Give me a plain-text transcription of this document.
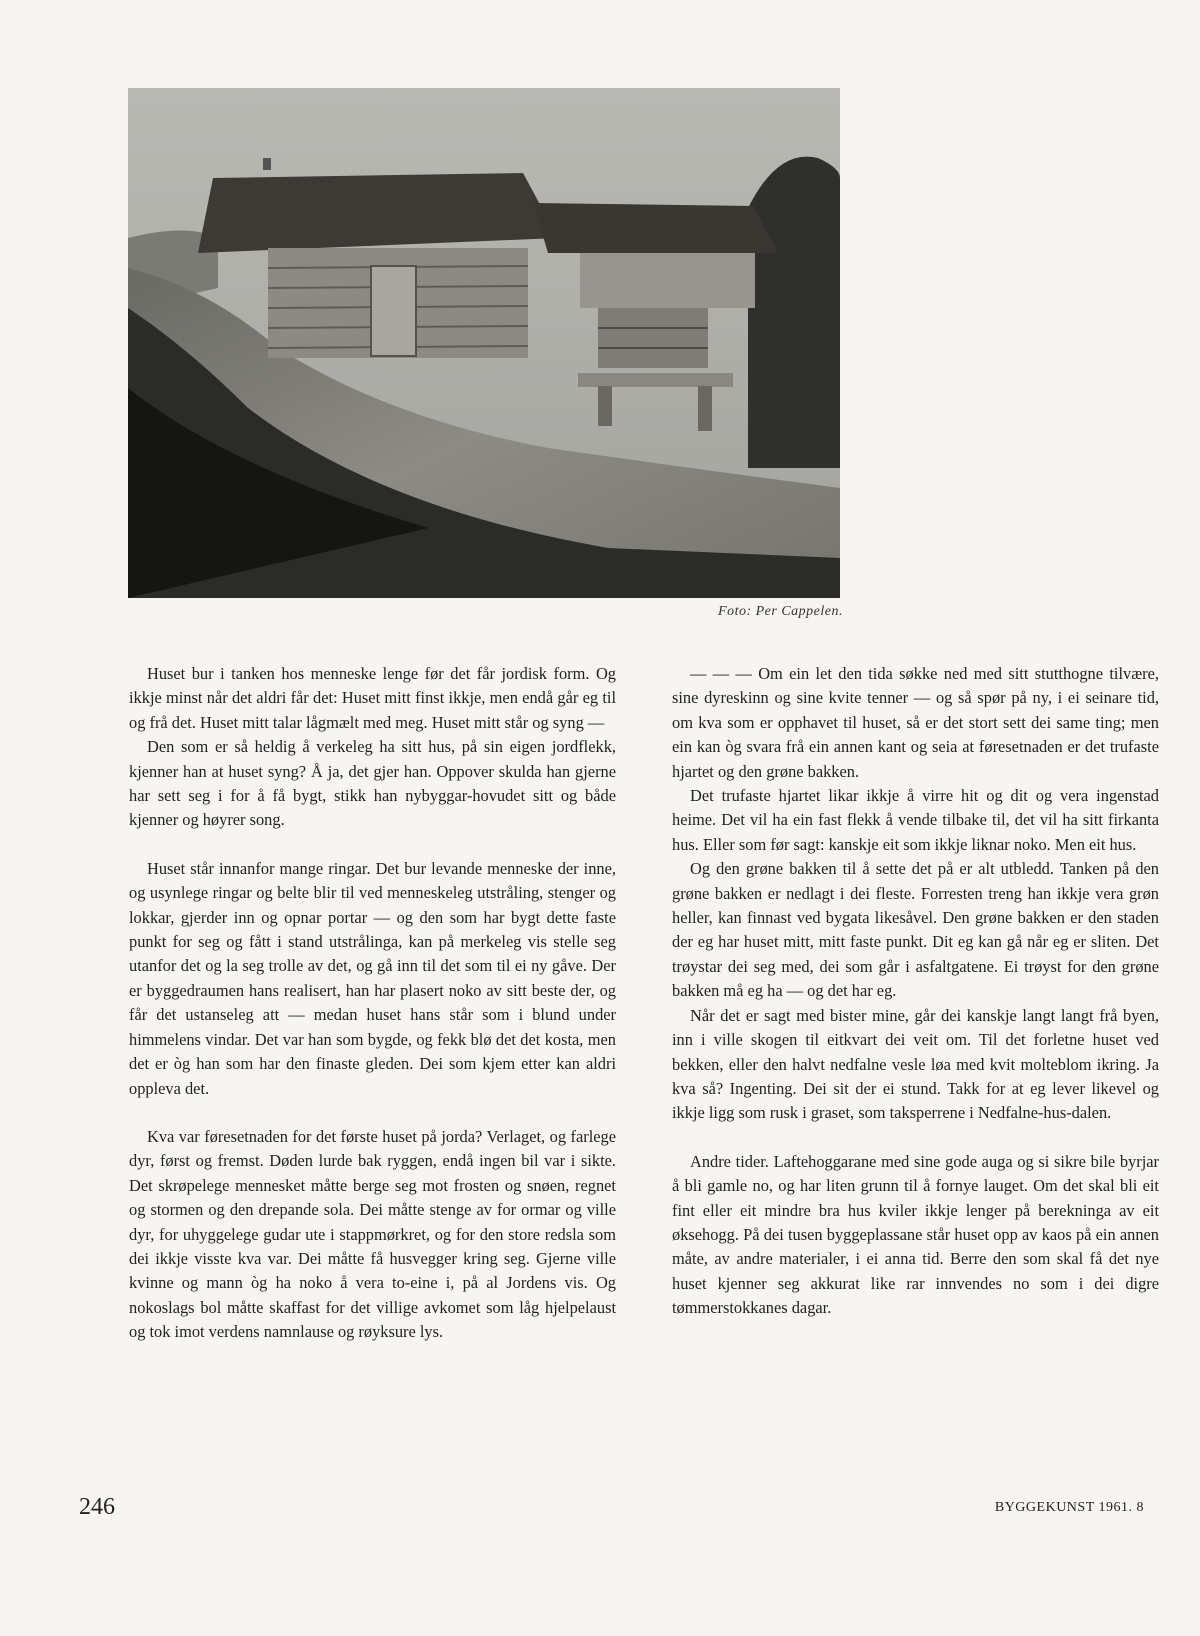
Foto: Per Cappelen.

Huset bur i tanken hos menneske lenge før det får jordisk form. Og ikkje minst når det aldri får det: Huset mitt finst ikkje, men endå går eg til og frå det. Huset mitt talar lågmælt med meg. Huset mitt står og syng —

Den som er så heldig å verkeleg ha sitt hus, på sin eigen jordflekk, kjenner han at huset syng? Å ja, det gjer han. Oppover skulda han gjerne har sett seg i for å få bygt, stikk han nybyggar-hovudet sitt og både kjenner og høyrer song.

Huset står innanfor mange ringar. Det bur levande menneske der inne, og usynlege ringar og belte blir til ved menneskeleg utstråling, stenger og lokkar, gjerder inn og opnar portar — og den som har bygt dette faste punkt for seg og fått i stand utstrålinga, kan på merkeleg vis stelle seg utanfor det og la seg trolle av det, og gå inn til det som til ei ny gåve. Der er byggedraumen hans realisert, han har plasert noko av sitt beste der, og får det ustanseleg att — medan huset hans står som i blund under himmelens vindar. Det var han som bygde, og fekk blø det det kosta, men det er òg han som har den finaste gleden. Dei som kjem etter kan aldri oppleva det.

Kva var føresetnaden for det første huset på jorda? Verlaget, og farlege dyr, først og fremst. Døden lurde bak ryggen, endå ingen bil var i sikte. Det skrøpelege mennesket måtte berge seg mot frosten og snøen, regnet og stormen og den drepande sola. Dei måtte stenge av for ormar og ville dyr, for uhyggelege gudar ute i stappmørkret, og for den store redsla som dei ikkje visste kva var. Dei måtte få husvegger kring seg. Gjerne ville kvinne og mann òg ha noko å vera to-eine i, på al Jordens vis. Og nokoslags bol måtte skaffast for det villige avkomet som låg hjelpelaust og tok imot verdens namnlause og røyksure lys.

— — — Om ein let den tida søkke ned med sitt stutthogne tilvære, sine dyreskinn og sine kvite tenner — og så spør på ny, i ei seinare tid, om kva som er opphavet til huset, så er det stort sett dei same ting; men ein kan òg svara frå ein annen kant og seia at føresetnaden er det trufaste hjartet og den grøne bakken.

Det trufaste hjartet likar ikkje å virre hit og dit og vera ingenstad heime. Det vil ha ein fast flekk å vende tilbake til, det vil ha sitt firkanta hus. Eller som før sagt: kanskje eit som ikkje liknar noko. Men eit hus.

Og den grøne bakken til å sette det på er alt utbledd. Tanken på den grøne bakken er nedlagt i dei fleste. Forresten treng han ikkje vera grøn heller, kan finnast ved bygata likesåvel. Den grøne bakken er den staden der eg har huset mitt, mitt faste punkt. Dit eg kan gå når eg er sliten. Det trøystar dei seg med, dei som går i asfaltgatene. Ei trøyst for den grøne bakken må eg ha — og det har eg.

Når det er sagt med bister mine, går dei kanskje langt langt frå byen, inn i ville skogen til eitkvart dei veit om. Til det forletne huset ved bekken, eller den halvt nedfalne vesle løa med kvit molteblom ikring. Ja kva så? Ingenting. Dei sit der ei stund. Takk for at eg lever likevel og ikkje ligg som rusk i graset, som taksperrene i Nedfalne-hus-dalen.

Andre tider. Laftehoggarane med sine gode auga og si sikre bile byrjar å bli gamle no, og har liten grunn til å fornye lauget. Om det skal bli eit fint eller eit mindre bra hus kviler ikkje lenger på berekninga av eit øksehogg. På dei tusen byggeplassane står huset opp av kaos på ein annen måte, av andre materialer, i ei anna tid. Berre den som skal få det nye huset kjenner seg akkurat like rar innvendes no som i dei digre tømmerstokkanes dagar.

246	BYGGEKUNST 1961. 8
